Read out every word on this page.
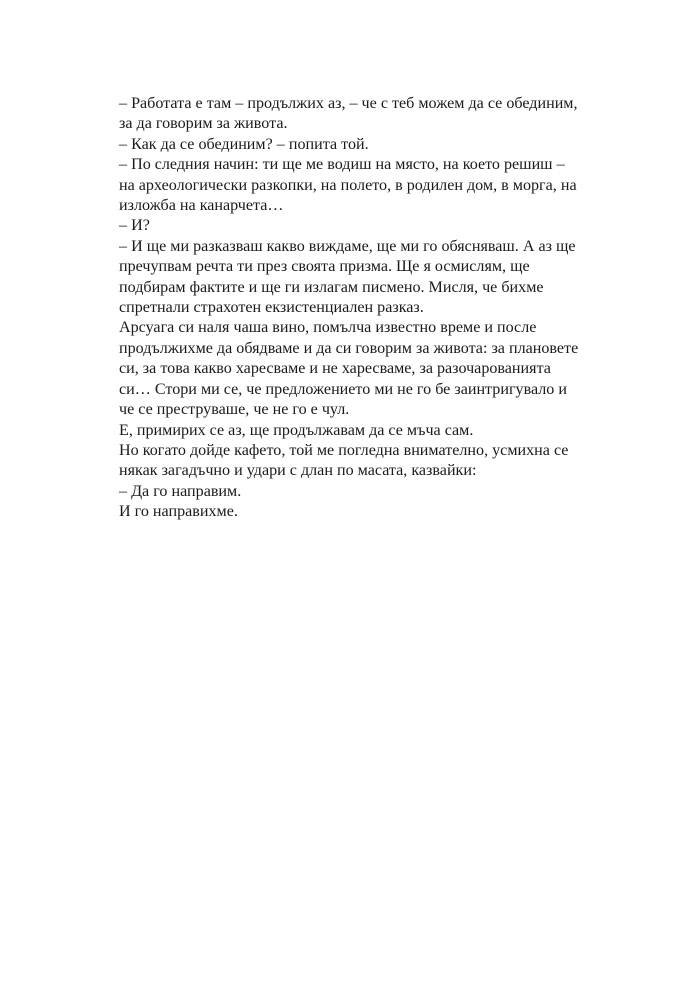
– Работата е там – продължих аз, – че с теб можем да се обединим,
за да говорим за живота.
– Как да се обединим? – попита той.
– По следния начин: ти ще ме водиш на място, на което решиш –
на археологически разкопки, на полето, в родилен дом, в морга, на
изложба на канарчета…
– И?
– И ще ми разказваш какво виждаме, ще ми го обясняваш. А аз ще
пречупвам речта ти през своята призма. Ще я осмислям, ще
подбирам фактите и ще ги излагам писмено. Мисля, че бихме
спретнали страхотен екзистенциален разказ.
Арсуага си наля чаша вино, помълча известно време и после
продължихме да обядваме и да си говорим за живота: за плановете
си, за това какво харесваме и не харесваме, за разочарованията
си… Стори ми се, че предложението ми не го бе заинтригувало и
че се преструваше, че не го е чул.
Е, примирих се аз, ще продължавам да се мъча сам.
Но когато дойде кафето, той ме погледна внимателно, усмихна се
някак загадъчно и удари с длан по масата, казвайки:
– Да го направим.
И го направихме.
